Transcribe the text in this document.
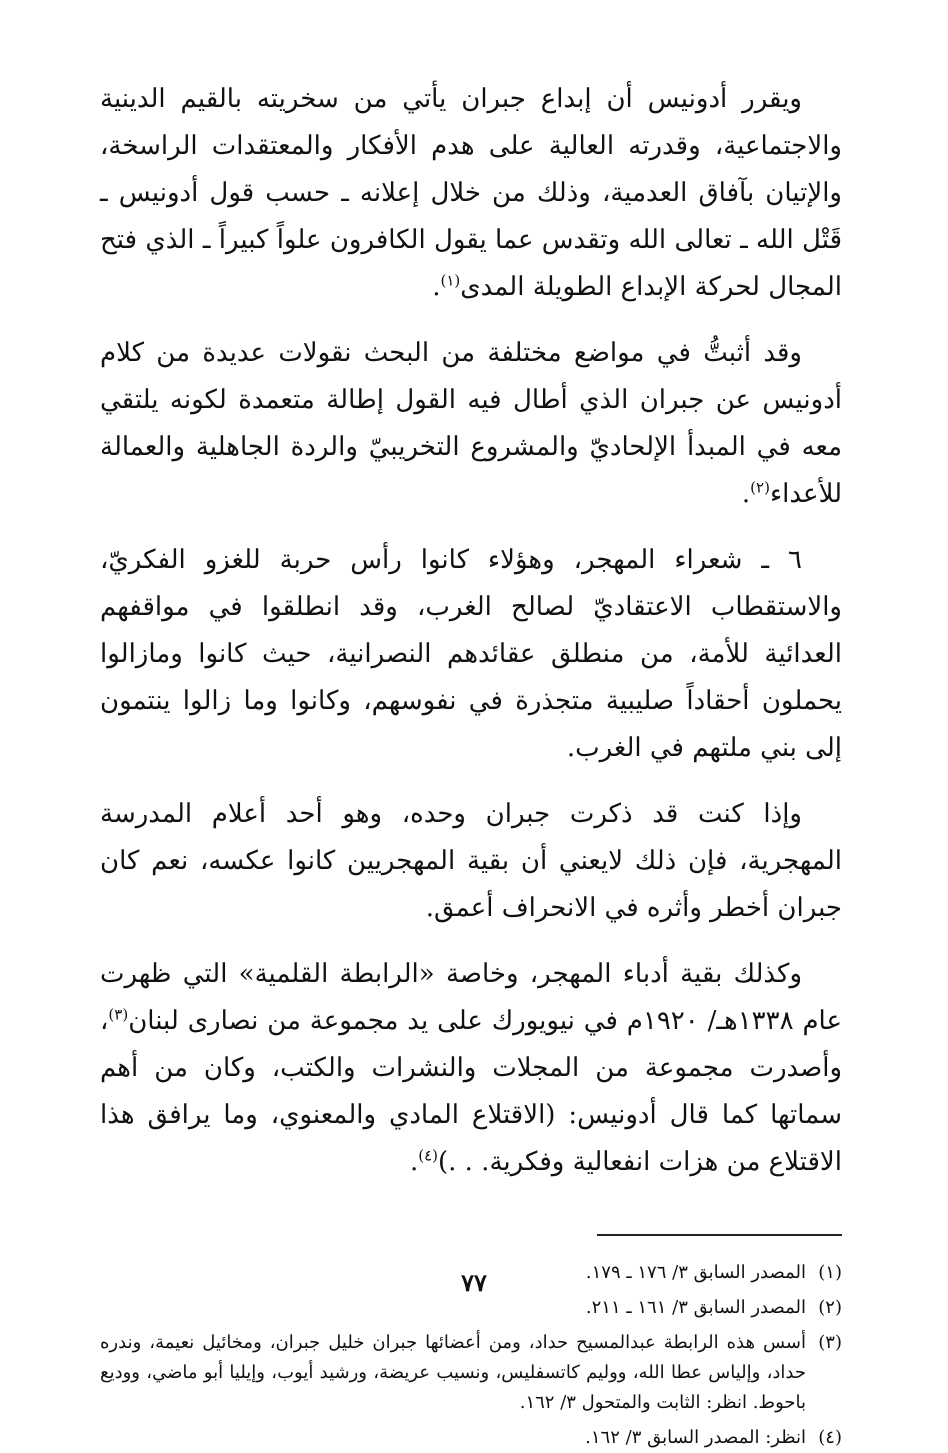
ويقرر أدونيس أن إبداع جبران يأتي من سخريته بالقيم الدينية والاجتماعية، وقدرته العالية على هدم الأفكار والمعتقدات الراسخة، والإتيان بآفاق العدمية، وذلك من خلال إعلانه ـ حسب قول أدونيس ـ قَتْل الله ـ تعالى الله وتقدس عما يقول الكافرون علواً كبيراً ـ الذي فتح المجال لحركة الإبداع الطويلة المدى$^{(١)}$.

وقد أثبتُّ في مواضع مختلفة من البحث نقولات عديدة من كلام أدونيس عن جبران الذي أطال فيه القول إطالة متعمدة لكونه يلتقي معه في المبدأ الإلحاديّ والمشروع التخريبيّ والردة الجاهلية والعمالة للأعداء$^{(٢)}$.

٦ ـ شعراء المهجر، وهؤلاء كانوا رأس حربة للغزو الفكريّ، والاستقطاب الاعتقاديّ لصالح الغرب، وقد انطلقوا في مواقفهم العدائية للأمة، من منطلق عقائدهم النصرانية، حيث كانوا ومازالوا يحملون أحقاداً صليبية متجذرة في نفوسهم، وكانوا وما زالوا ينتمون إلى بني ملتهم في الغرب.

وإذا كنت قد ذكرت جبران وحده، وهو أحد أعلام المدرسة المهجرية، فإن ذلك لايعني أن بقية المهجريين كانوا عكسه، نعم كان جبران أخطر وأثره في الانحراف أعمق.

وكذلك بقية أدباء المهجر، وخاصة «الرابطة القلمية» التي ظهرت عام ١٣٣٨هـ/ ١٩٢٠م في نيويورك على يد مجموعة من نصارى لبنان$^{(٣)}$، وأصدرت مجموعة من المجلات والنشرات والكتب، وكان من أهم سماتها كما قال أدونيس: (الاقتلاع المادي والمعنوي، وما يرافق هذا الاقتلاع من هزات انفعالية وفكرية. . .)$^{(٤)}$.

(١)
المصدر السابق ٣/ ١٧٦ ـ ١٧٩.
(٢)
المصدر السابق ٣/ ١٦١ ـ ٢١١.
(٣)
أسس هذه الرابطة عبدالمسيح حداد، ومن أعضائها جبران خليل جبران، ومخائيل نعيمة، وندره حداد، وإلياس عطا الله، ووليم كاتسفليس، ونسيب عريضة، ورشيد أيوب، وإيليا أبو ماضي، ووديع باحوط. انظر: الثابت والمتحول ٣/ ١٦٢.
(٤)
انظر: المصدر السابق ٣/ ١٦٢.
٧٧
